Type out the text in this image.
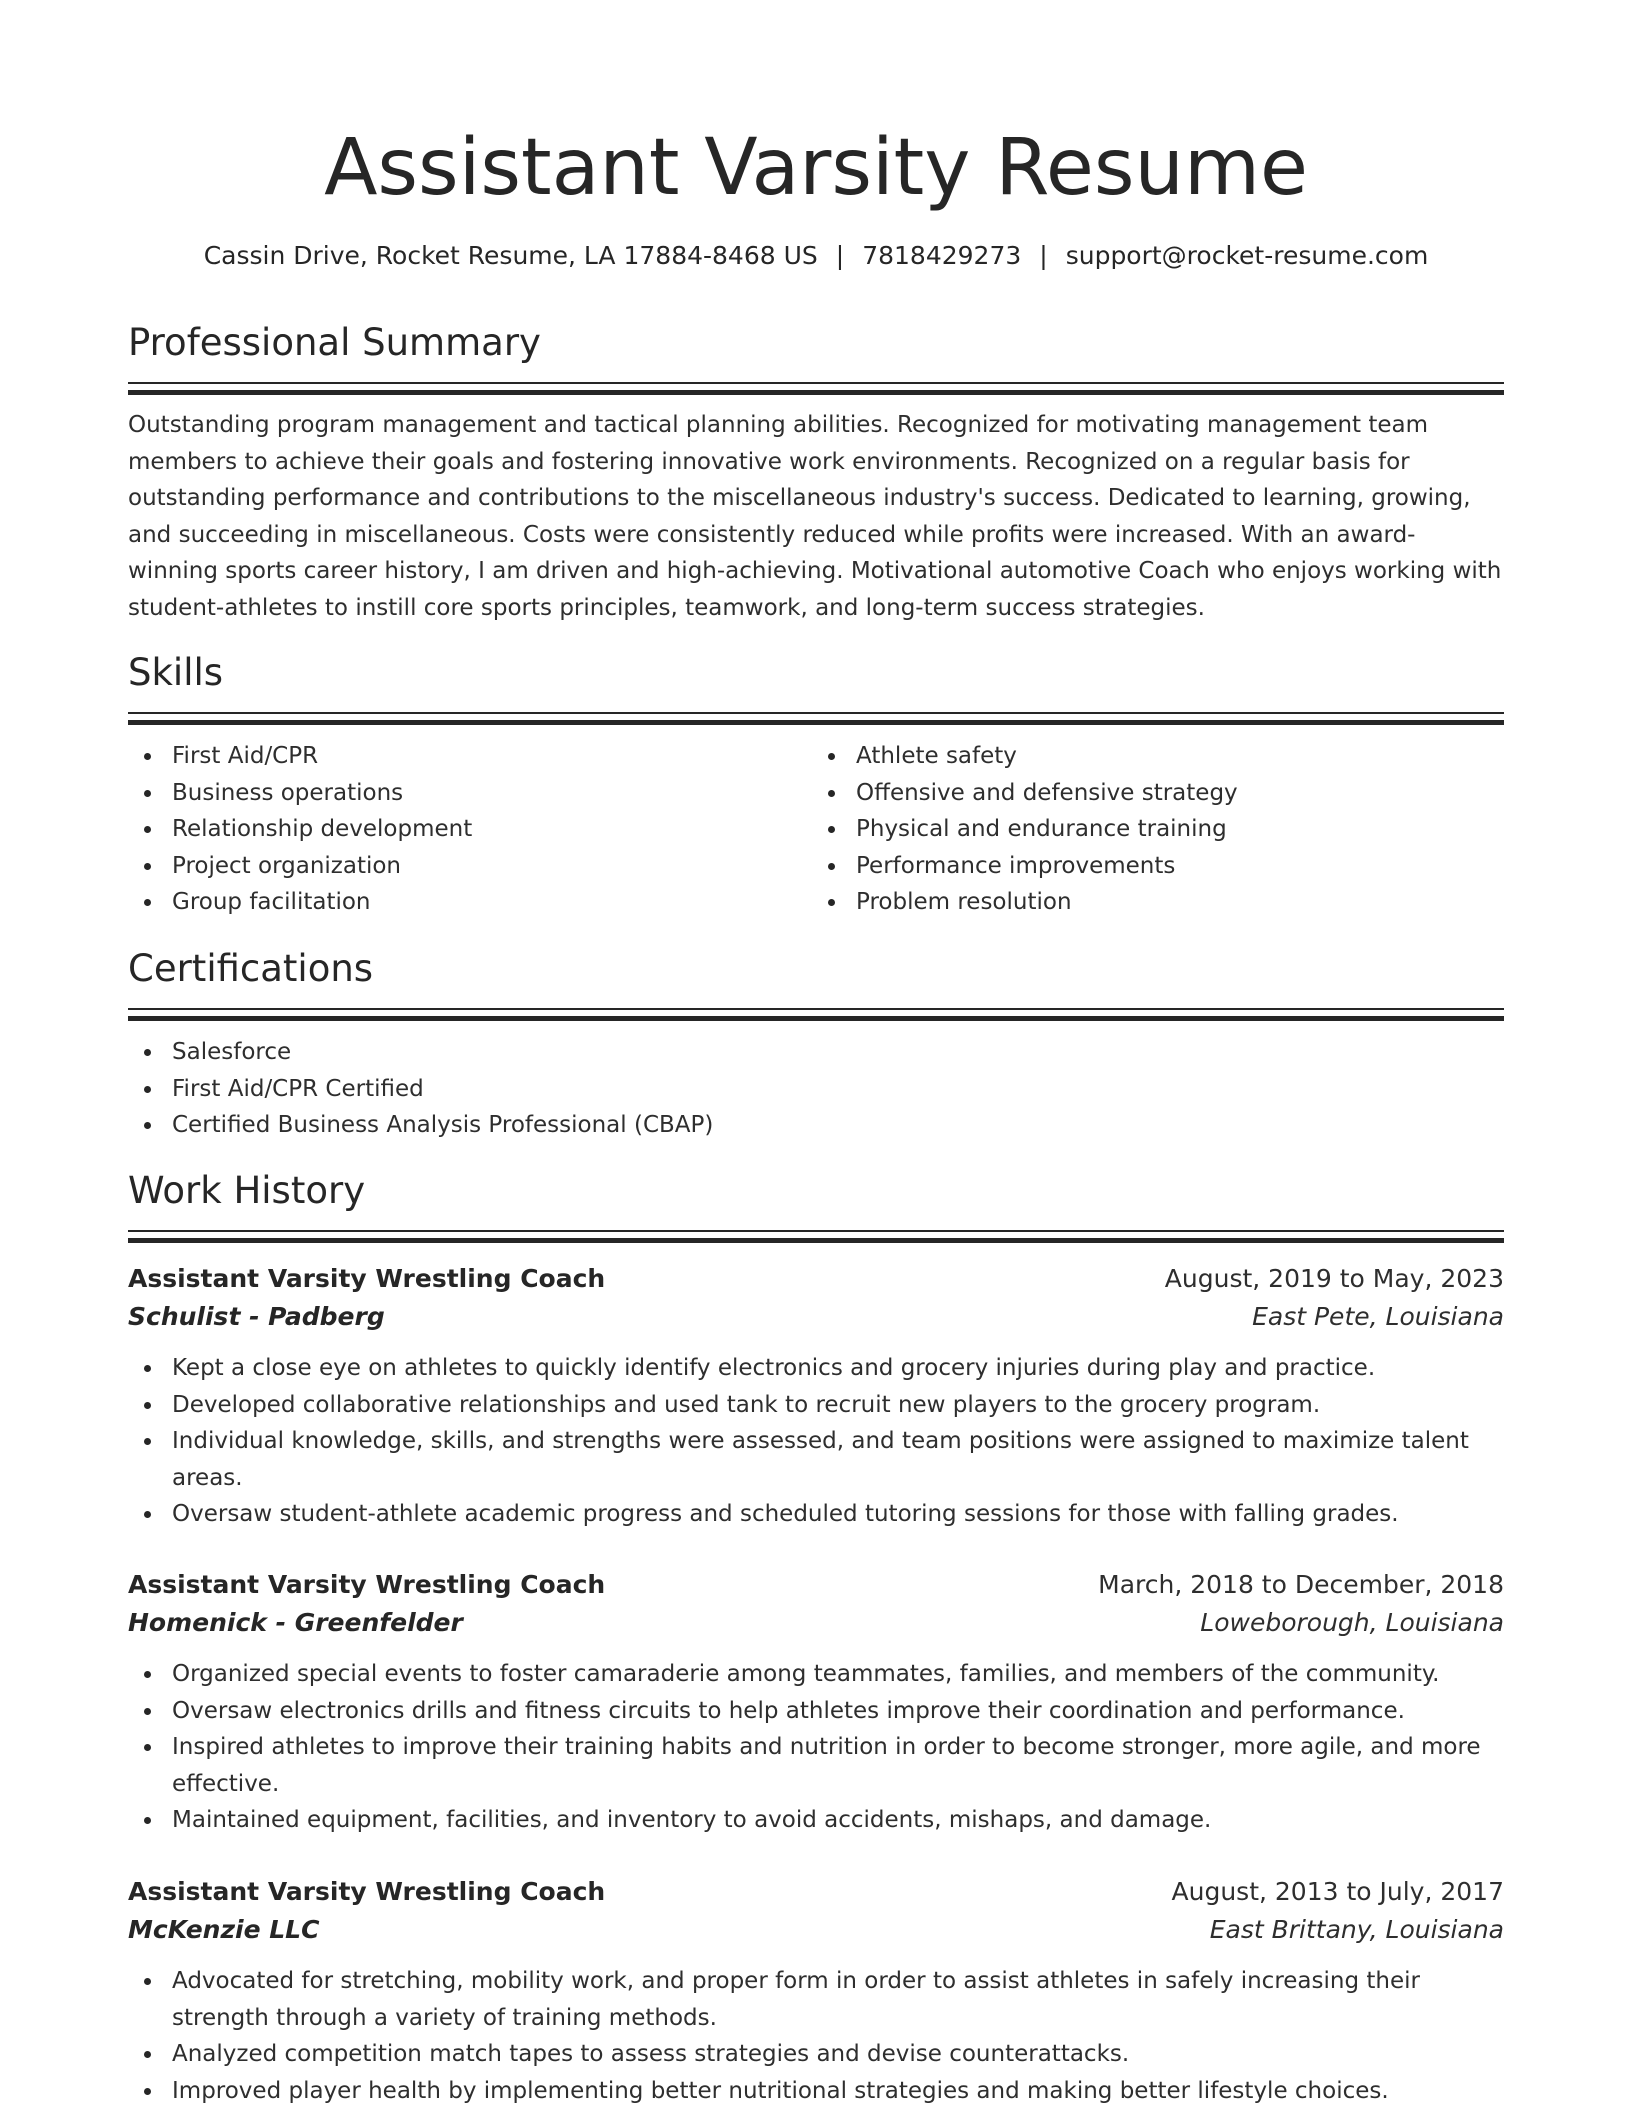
Assistant Varsity Resume
Cassin Drive, Rocket Resume, LA 17884-8468 US | 7818429273 | support@rocket-resume.com
Professional Summary

Outstanding program management and tactical planning abilities. Recognized for motivating management team members to achieve their goals and fostering innovative work environments. Recognized on a regular basis for outstanding performance and contributions to the miscellaneous industry's success. Dedicated to learning, growing, and succeeding in miscellaneous. Costs were consistently reduced while profits were increased. With an award-winning sports career history, I am driven and high-achieving. Motivational automotive Coach who enjoys working with student-athletes to instill core sports principles, teamwork, and long-term success strategies.

Skills
First Aid/CPR
Business operations
Relationship development
Project organization
Group facilitation
Athlete safety
Offensive and defensive strategy
Physical and endurance training
Performance improvements
Problem resolution
Certifications
Salesforce
First Aid/CPR Certified
Certified Business Analysis Professional (CBAP)
Work History
Assistant Varsity Wrestling Coach	August, 2019 to May, 2023
Schulist - Padberg	East Pete, Louisiana
Kept a close eye on athletes to quickly identify electronics and grocery injuries during play and practice.
Developed collaborative relationships and used tank to recruit new players to the grocery program.
Individual knowledge, skills, and strengths were assessed, and team positions were assigned to maximize talent areas.
Oversaw student-athlete academic progress and scheduled tutoring sessions for those with falling grades.
Assistant Varsity Wrestling Coach	March, 2018 to December, 2018
Homenick - Greenfelder	Loweborough, Louisiana
Organized special events to foster camaraderie among teammates, families, and members of the community.
Oversaw electronics drills and fitness circuits to help athletes improve their coordination and performance.
Inspired athletes to improve their training habits and nutrition in order to become stronger, more agile, and more effective.
Maintained equipment, facilities, and inventory to avoid accidents, mishaps, and damage.
Assistant Varsity Wrestling Coach	August, 2013 to July, 2017
McKenzie LLC	East Brittany, Louisiana
Advocated for stretching, mobility work, and proper form in order to assist athletes in safely increasing their strength through a variety of training methods.
Analyzed competition match tapes to assess strategies and devise counterattacks.
Improved player health by implementing better nutritional strategies and making better lifestyle choices.
